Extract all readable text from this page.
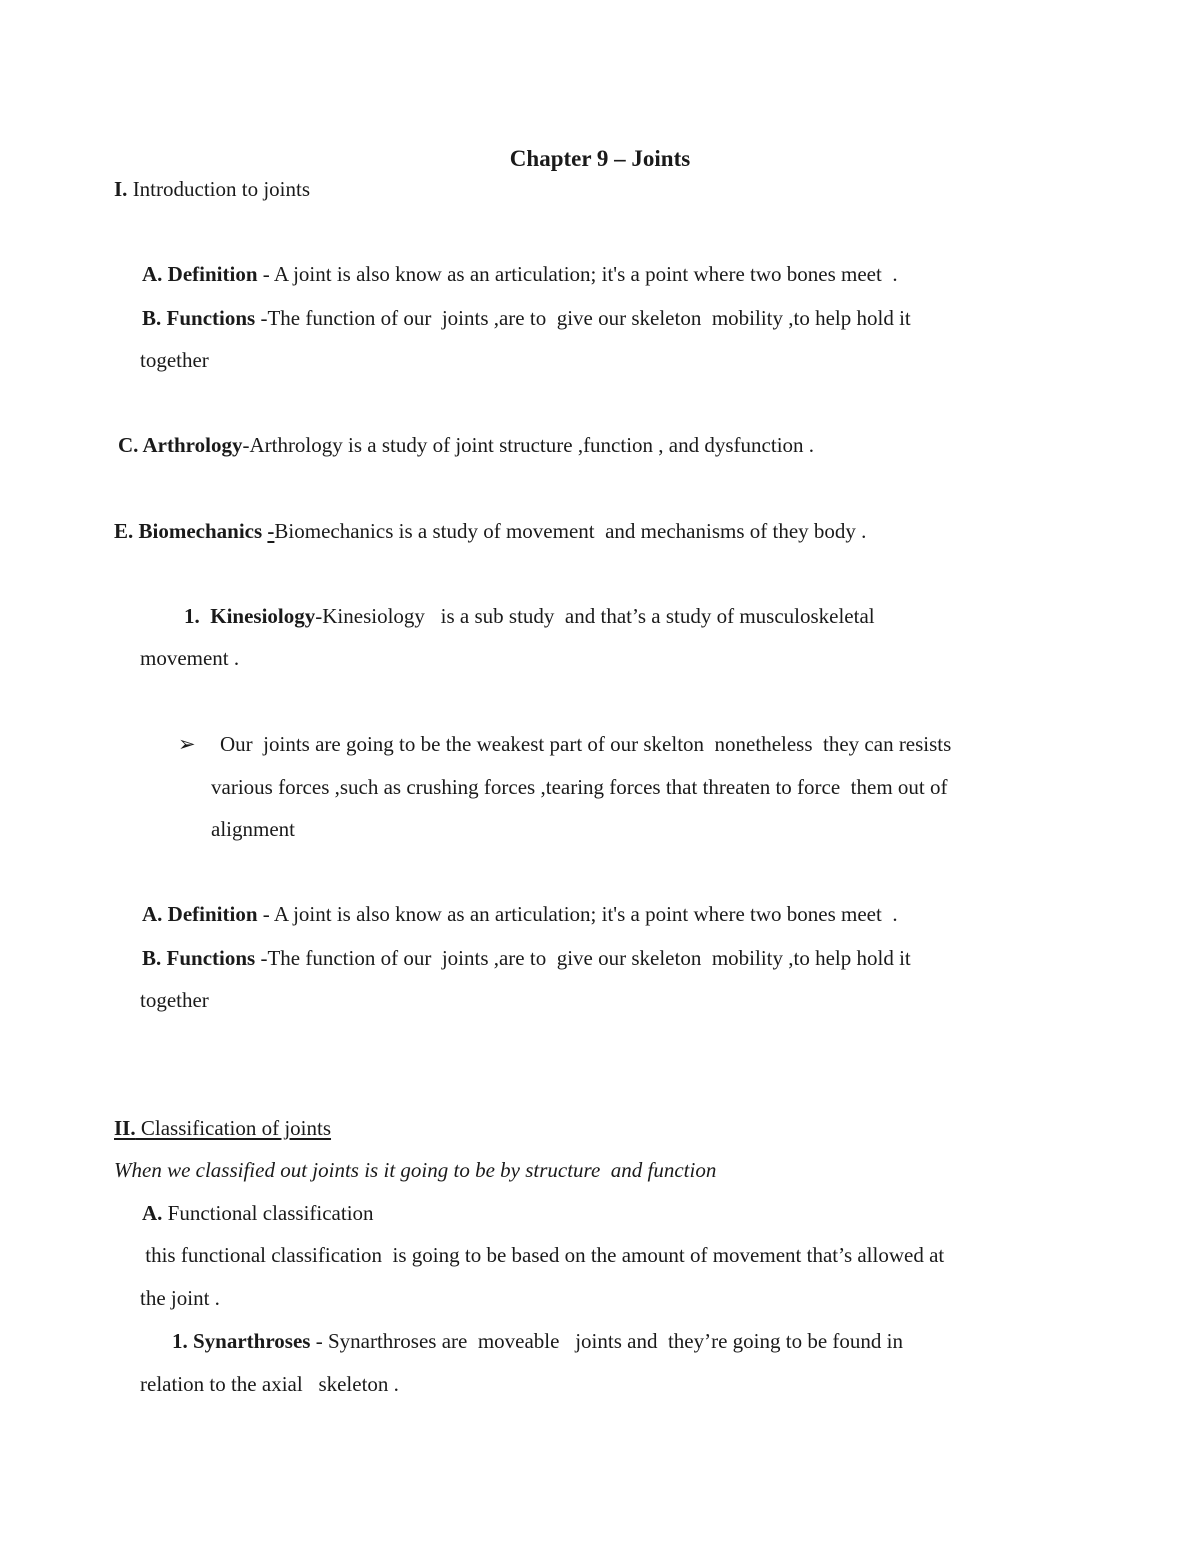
Chapter 9 – Joints
I. Introduction to joints
A. Definition - A joint is also know as an articulation; it's a point where two bones meet  .
B. Functions -The function of our  joints ,are to  give our skeleton  mobility ,to help hold it
together
C. Arthrology-Arthrology is a study of joint structure ,function , and dysfunction .
E. Biomechanics -Biomechanics is a study of movement  and mechanisms of they body .
1.  Kinesiology-Kinesiology   is a sub study  and that’s a study of musculoskeletal
movement .
➢ Our  joints are going to be the weakest part of our skelton  nonetheless  they can resists
various forces ,such as crushing forces ,tearing forces that threaten to force  them out of
alignment
A. Definition - A joint is also know as an articulation; it's a point where two bones meet  .
B. Functions -The function of our  joints ,are to  give our skeleton  mobility ,to help hold it
together
II. Classification of joints
When we classified out joints is it going to be by structure  and function
A. Functional classification
this functional classification  is going to be based on the amount of movement that’s allowed at
the joint .
1. Synarthroses - Synarthroses are  moveable   joints and  they’re going to be found in
relation to the axial   skeleton .
